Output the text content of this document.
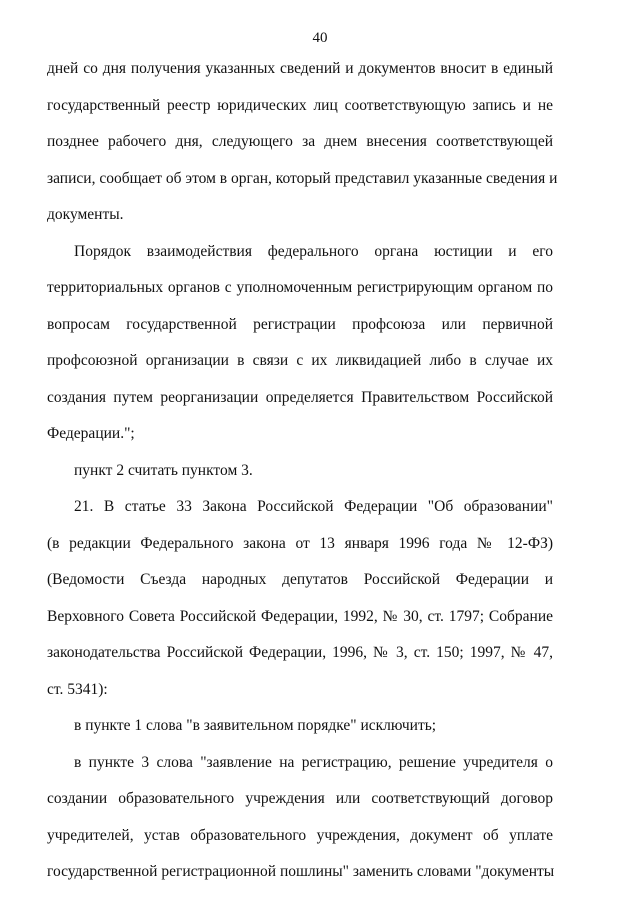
40
дней со дня получения указанных сведений и документов вносит в единый
государственный реестр юридических лиц соответствующую запись и не
позднее рабочего дня, следующего за днем внесения соответствующей
записи, сообщает об этом в орган, который представил указанные сведения и
документы.
Порядок взаимодействия федерального органа юстиции и его
территориальных органов с уполномоченным регистрирующим органом по
вопросам государственной регистрации профсоюза или первичной
профсоюзной организации в связи с их ликвидацией либо в случае их
создания путем реорганизации определяется Правительством Российской
Федерации.";
пункт 2 считать пунктом 3.
21. В статье 33 Закона Российской Федерации "Об образовании"
(в редакции Федерального закона от 13 января 1996 года № 12-ФЗ)
(Ведомости Съезда народных депутатов Российской Федерации и
Верховного Совета Российской Федерации, 1992, № 30, ст. 1797; Собрание
законодательства Российской Федерации, 1996, № 3, ст. 150; 1997, № 47,
ст. 5341):
в пункте 1 слова "в заявительном порядке" исключить;
в пункте 3 слова "заявление на регистрацию, решение учредителя о
создании образовательного учреждения или соответствующий договор
учредителей, устав образовательного учреждения, документ об уплате
государственной регистрационной пошлины" заменить словами "документы
